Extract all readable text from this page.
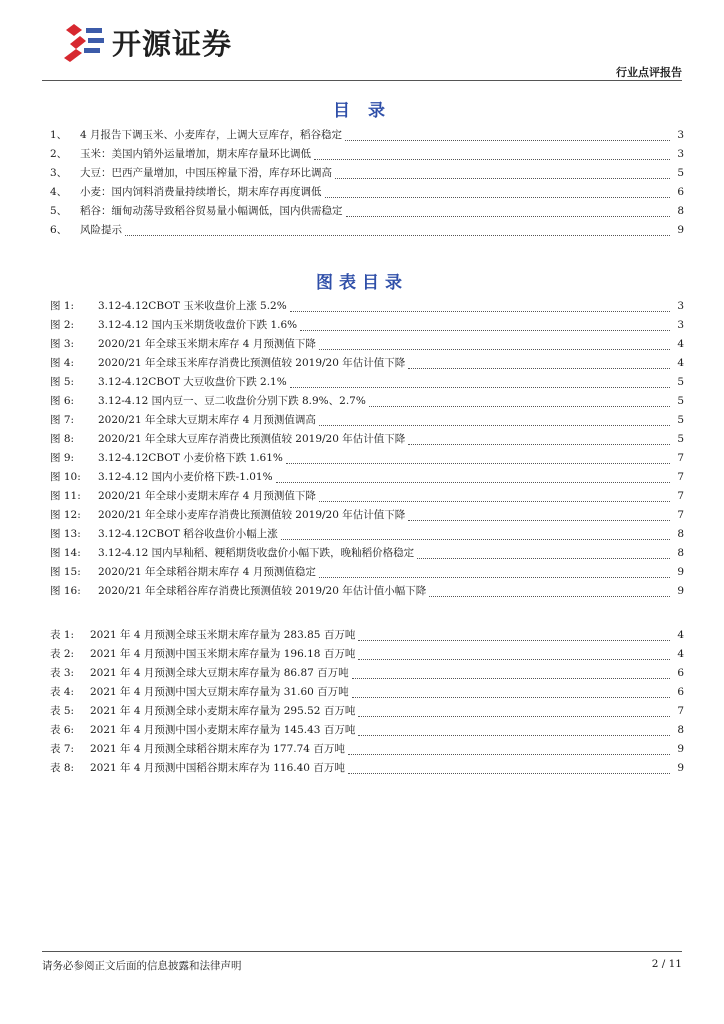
开源证券
行业点评报告
目 录
1、	4 月报告下调玉米、小麦库存，上调大豆库存，稻谷稳定	3
2、	玉米：美国内销外运量增加，期末库存量环比调低	3
3、	大豆：巴西产量增加，中国压榨量下滑，库存环比调高	5
4、	小麦：国内饲料消费量持续增长，期末库存再度调低	6
5、	稻谷：缅甸动荡导致稻谷贸易量小幅调低，国内供需稳定	8
6、	风险提示	9
图表目录
图 1:	3.12-4.12CBOT 玉米收盘价上涨 5.2%	3
图 2:	3.12-4.12 国内玉米期货收盘价下跌 1.6%	3
图 3:	2020/21 年全球玉米期末库存 4 月预测值下降	4
图 4:	2020/21 年全球玉米库存消费比预测值较 2019/20 年估计值下降	4
图 5:	3.12-4.12CBOT 大豆收盘价下跌 2.1%	5
图 6:	3.12-4.12 国内豆一、豆二收盘价分别下跌 8.9%、2.7%	5
图 7:	2020/21 年全球大豆期末库存 4 月预测值调高	5
图 8:	2020/21 年全球大豆库存消费比预测值较 2019/20 年估计值下降	5
图 9:	3.12-4.12CBOT 小麦价格下跌 1.61%	7
图 10:	3.12-4.12 国内小麦价格下跌-1.01%	7
图 11:	2020/21 年全球小麦期末库存 4 月预测值下降	7
图 12:	2020/21 年全球小麦库存消费比预测值较 2019/20 年估计值下降	7
图 13:	3.12-4.12CBOT 稻谷收盘价小幅上涨	8
图 14:	3.12-4.12 国内早籼稻、粳稻期货收盘价小幅下跌，晚籼稻价格稳定	8
图 15:	2020/21 年全球稻谷期末库存 4 月预测值稳定	9
图 16:	2020/21 年全球稻谷库存消费比预测值较 2019/20 年估计值小幅下降	9
表 1:	2021 年 4 月预测全球玉米期末库存量为 283.85 百万吨	4
表 2:	2021 年 4 月预测中国玉米期末库存量为 196.18 百万吨	4
表 3:	2021 年 4 月预测全球大豆期末库存量为 86.87 百万吨	6
表 4:	2021 年 4 月预测中国大豆期末库存量为 31.60 百万吨	6
表 5:	2021 年 4 月预测全球小麦期末库存量为 295.52 百万吨	7
表 6:	2021 年 4 月预测中国小麦期末库存量为 145.43 百万吨	8
表 7:	2021 年 4 月预测全球稻谷期末库存为 177.74 百万吨	9
表 8:	2021 年 4 月预测中国稻谷期末库存为 116.40 百万吨	9
请务必参阅正文后面的信息披露和法律声明	2 / 11
